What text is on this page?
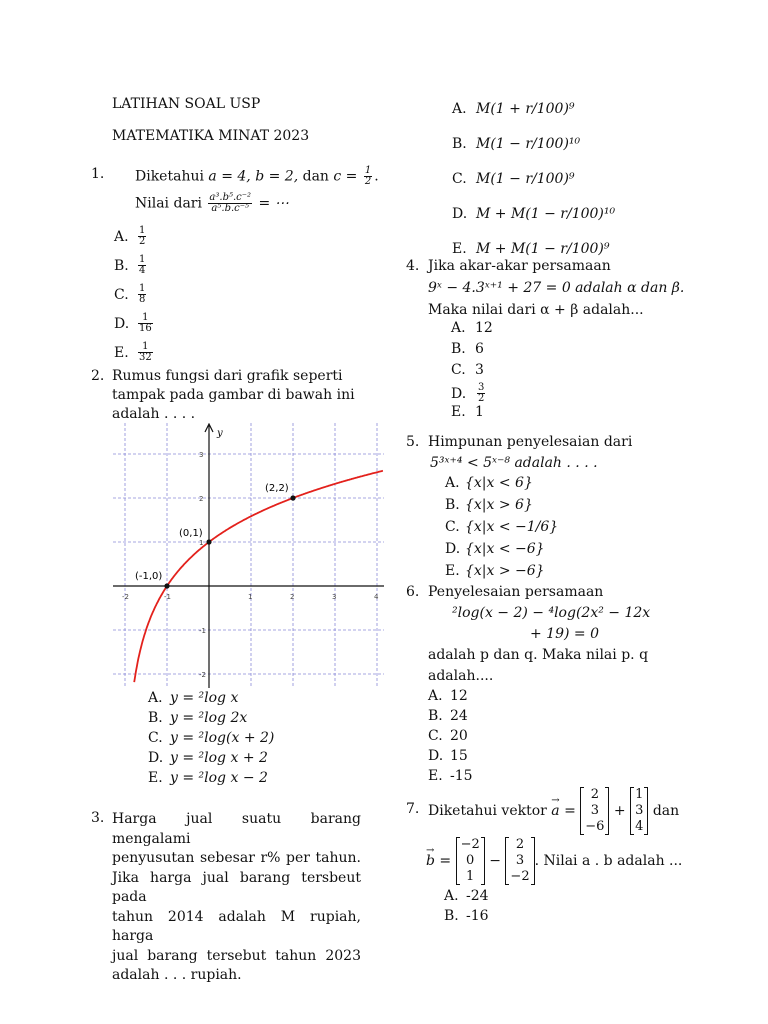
LATIHAN SOAL USP
MATEMATIKA MINAT 2023
1. Diketahui a = 4, b = 2, dan $c = \frac{1}{2}$ .
Nilai dari $\frac{\text{a³.b⁵.c⁻²}}{\text{a⁵.b.c⁻⁵}}$ = ⋯
A. $\frac{1}{2}$
B. $\frac{1}{4}$
C. $\frac{1}{8}$
D. $\frac{1}{16}$
E. $\frac{1}{32}$
2. Rumus fungsi dari grafik seperti
tampak pada gambar di bawah ini
adalah . . . .
y
-2	-1	1	2	3	4
3
2
1
-1
-2
(-1,0)
(0,1)
(2,2)
A. y = ²log x
B. y = ²log 2x
C. y = ²log(x + 2)
D. y = ²log x + 2
E. y = ²log x − 2
3. Harga jual suatu barang mengalami
penyusutan sebesar r% per tahun.
Jika harga jual barang tersbeut pada
tahun 2014 adalah M rupiah, harga
jual barang tersebut tahun 2023
adalah . . . rupiah.
A. M(1 + r/100)⁹
B. M(1 − r/100)¹⁰
C. M(1 − r/100)⁹
D. M + M(1 − r/100)¹⁰
E. M + M(1 − r/100)⁹
4. Jika akar-akar persamaan
9ˣ − 4.3ˣ⁺¹ + 27 = 0 adalah α dan β.
Maka nilai dari α + β adalah...
A. 12
B. 6
C. 3
D. $\frac{3}{2}$
E. 1
5. Himpunan penyelesaian dari
5³ˣ⁺⁴ < 5ˣ⁻⁸ adalah . . . .
A. {x|x < 6}
B. {x|x > 6}
C. {x|x < −1/6}
D. {x|x < −6}
E. {x|x > −6}
6. Penyelesaian persamaan
²log(x − 2) − ⁴log(2x² − 12x
+ 19) = 0
adalah p dan q. Maka nilai p. q
adalah....
A. 12
B. 24
C. 20
D. 15
E. -15
7. Diketahui vektor a → =
2
3
−6
+
1
3
4
dan
b → =
−2
0
1
−
2
3
−2
. Nilai a . b adalah ...
A. -24
B. -16
